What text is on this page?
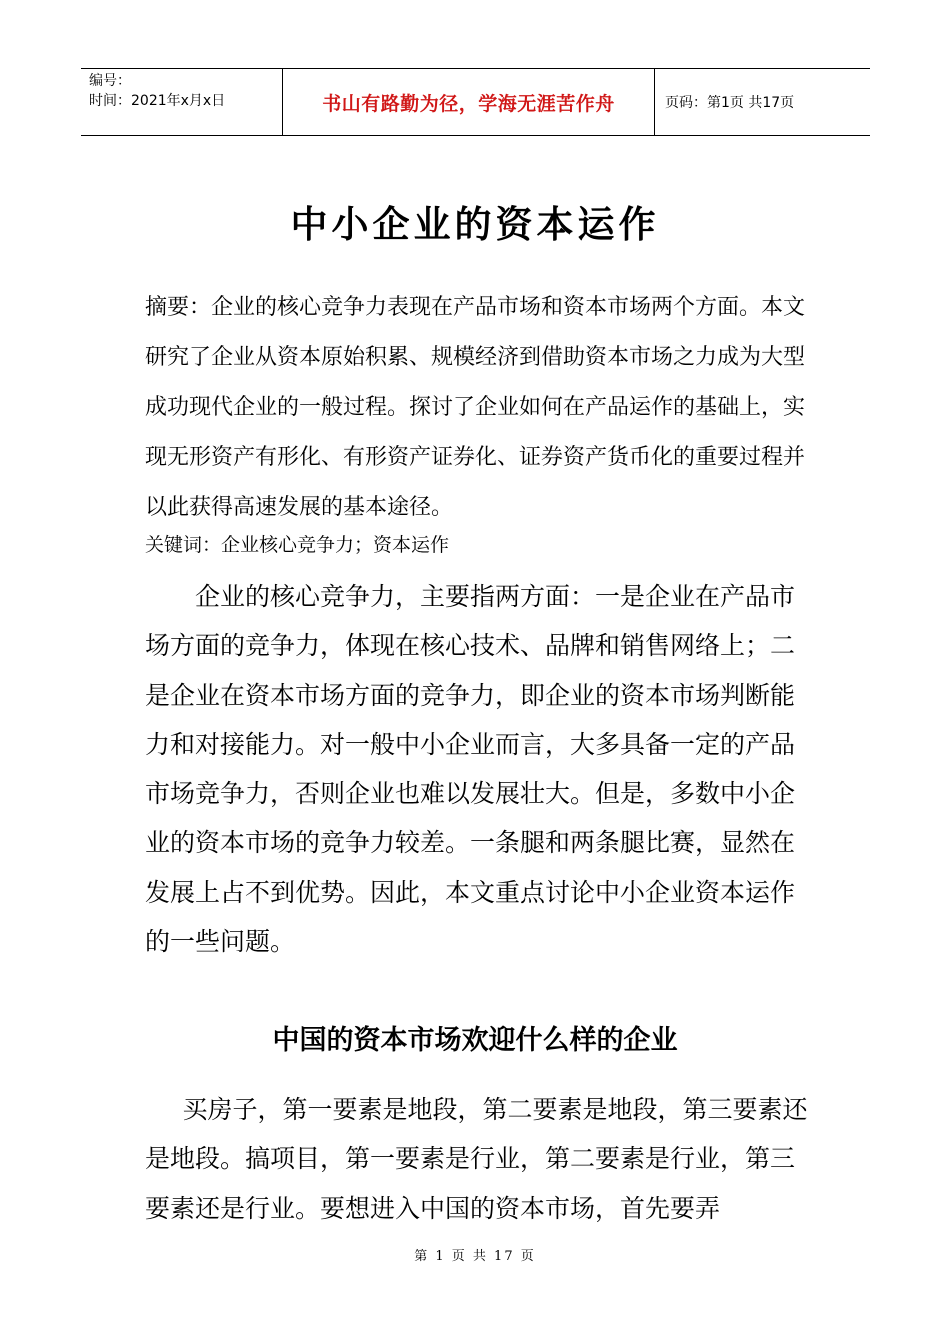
编号：
时间：2021年x月x日	书山有路勤为径，学海无涯苦作舟	页码：第1页 共17页
中小企业的资本运作

摘要：企业的核心竞争力表现在产品市场和资本市场两个方面。本文研究了企业从资本原始积累、规模经济到借助资本市场之力成为大型成功现代企业的一般过程。探讨了企业如何在产品运作的基础上，实现无形资产有形化、有形资产证券化、证券资产货币化的重要过程并以此获得高速发展的基本途径。

关键词：企业核心竞争力；资本运作

企业的核心竞争力，主要指两方面：一是企业在产品市场方面的竞争力，体现在核心技术、品牌和销售网络上；二是企业在资本市场方面的竞争力，即企业的资本市场判断能力和对接能力。对一般中小企业而言，大多具备一定的产品市场竞争力，否则企业也难以发展壮大。但是，多数中小企业的资本市场的竞争力较差。一条腿和两条腿比赛，显然在发展上占不到优势。因此，本文重点讨论中小企业资本运作的一些问题。

中国的资本市场欢迎什么样的企业

买房子，第一要素是地段，第二要素是地段，第三要素还是地段。搞项目，第一要素是行业，第二要素是行业，第三要素还是行业。要想进入中国的资本市场，首先要弄

第 1 页 共 17 页
